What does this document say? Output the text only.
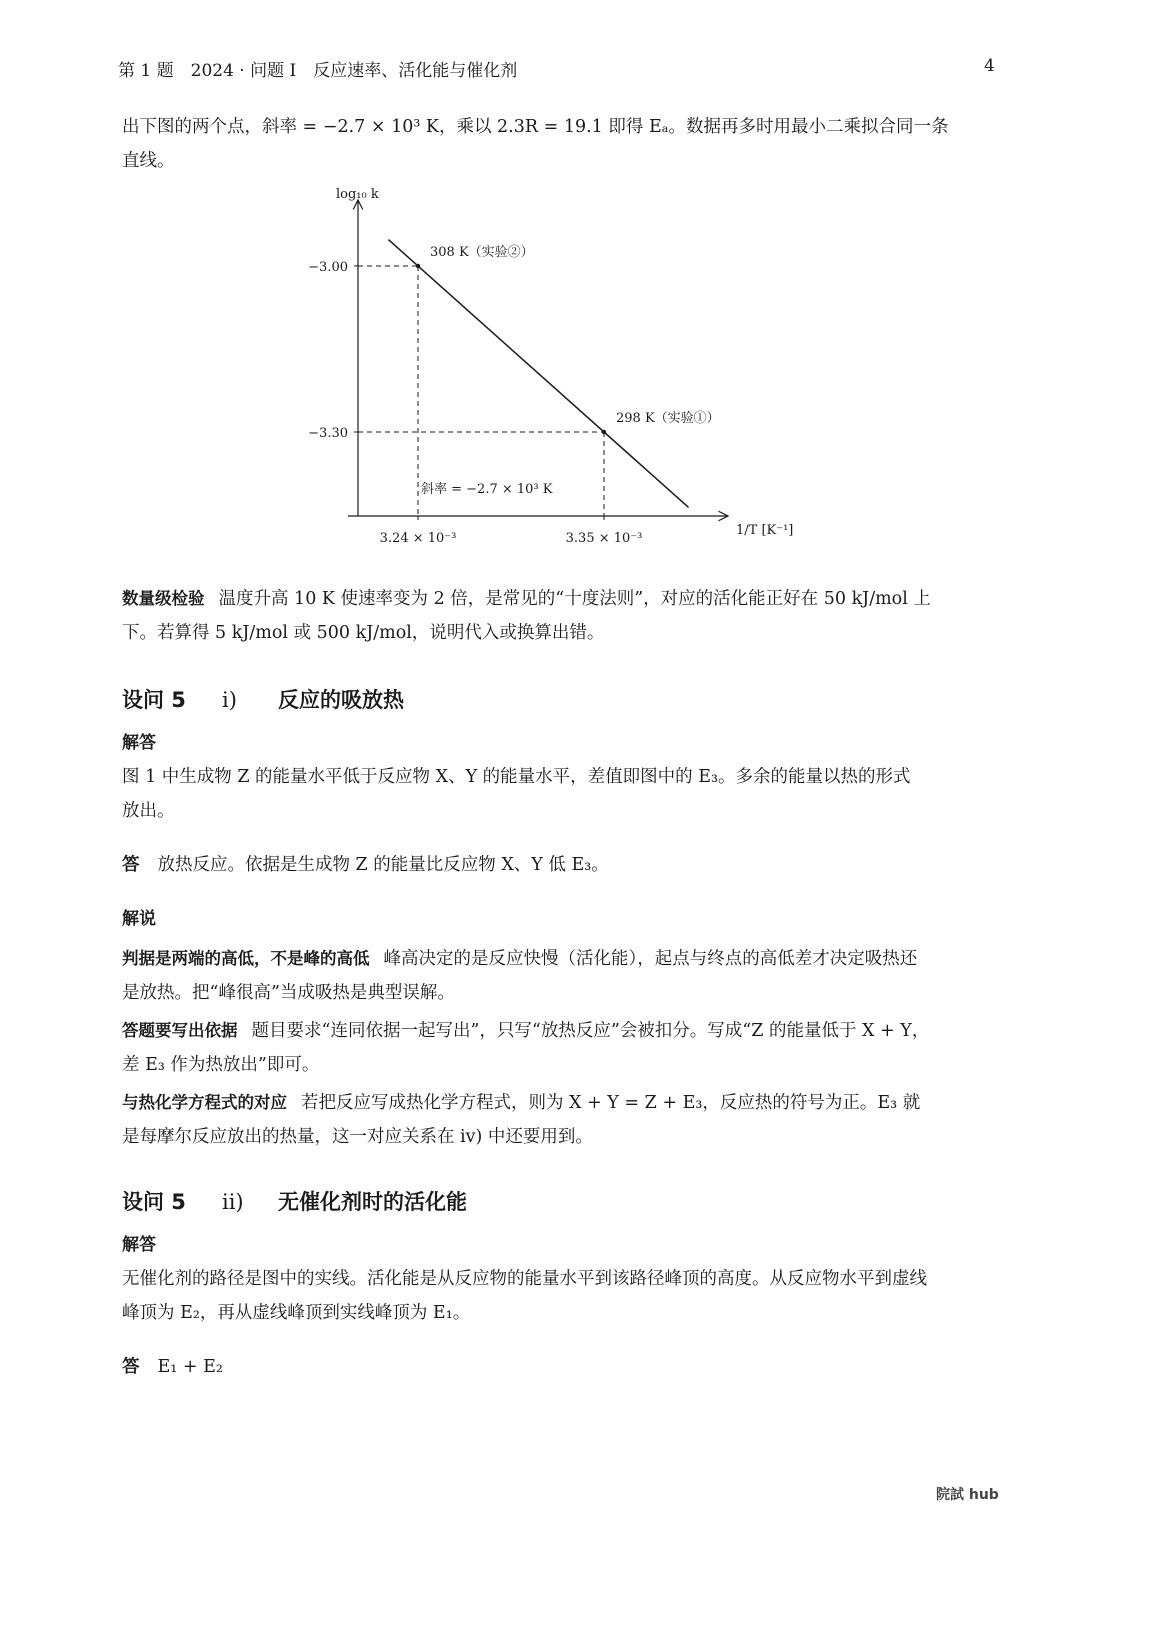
第 1 题　2024 · 问题 I　反应速率、活化能与催化剂	4
出下图的两个点，斜率 = −2.7 × 10³ K，乘以 2.3R = 19.1 即得 Eₐ。数据再多时用最小二乘拟合同一条
直线。
log₁₀ k
1/T [K⁻¹]
−3.00
3.24 × 10⁻³
308 K（实验②）
−3.30
3.35 × 10⁻³
298 K（实验①）
斜率 = −2.7 × 10³ K
数量级检验 温度升高 10 K 使速率变为 2 倍，是常见的“十度法则”，对应的活化能正好在 50 kJ/mol 上
下。若算得 5 kJ/mol 或 500 kJ/mol，说明代入或换算出错。
设问 5 i) 反应的吸放热
解答
图 1 中生成物 Z 的能量水平低于反应物 X、Y 的能量水平，差值即图中的 E₃。多余的能量以热的形式
放出。
答 放热反应。依据是生成物 Z 的能量比反应物 X、Y 低 E₃。
解说
判据是两端的高低，不是峰的高低 峰高决定的是反应快慢（活化能），起点与终点的高低差才决定吸热还
是放热。把“峰很高”当成吸热是典型误解。
答题要写出依据 题目要求“连同依据一起写出”，只写“放热反应”会被扣分。写成“Z 的能量低于 X + Y，
差 E₃ 作为热放出”即可。
与热化学方程式的对应 若把反应写成热化学方程式，则为 X + Y = Z + E₃，反应热的符号为正。E₃ 就
是每摩尔反应放出的热量，这一对应关系在 iv) 中还要用到。
设问 5 ii) 无催化剂时的活化能
解答
无催化剂的路径是图中的实线。活化能是从反应物的能量水平到该路径峰顶的高度。从反应物水平到虚线
峰顶为 E₂，再从虚线峰顶到实线峰顶为 E₁。
答 E₁ + E₂
院試 hub
